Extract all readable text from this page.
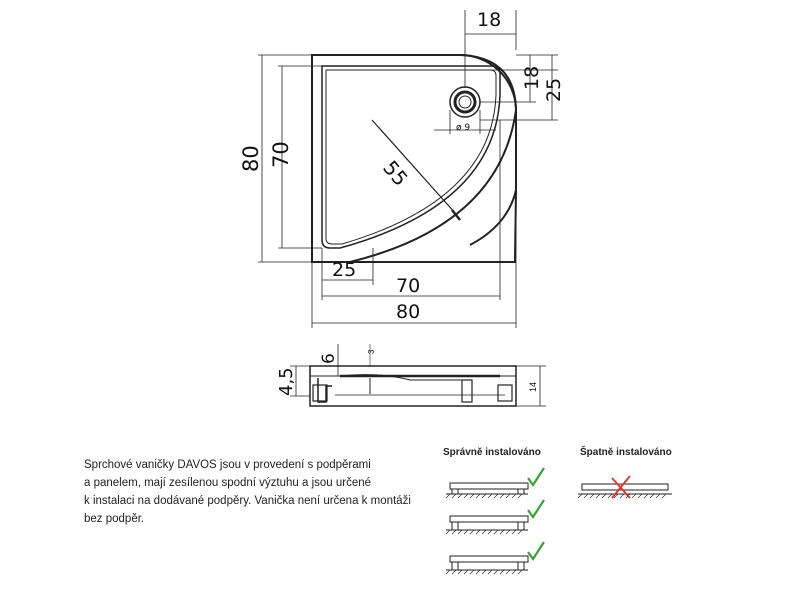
18
18 25
80 70
55
ø 9
25
70
80
4,5
6
3
14

Sprchové vaničky DAVOS jsou v provedení s podpěrami

a panelem, mají zesílenou spodní výztuhu a jsou určené

k instalaci na dodávané podpěry. Vanička není určena k montáži

bez podpěr.

Správně instalováno	Špatně instalováno
